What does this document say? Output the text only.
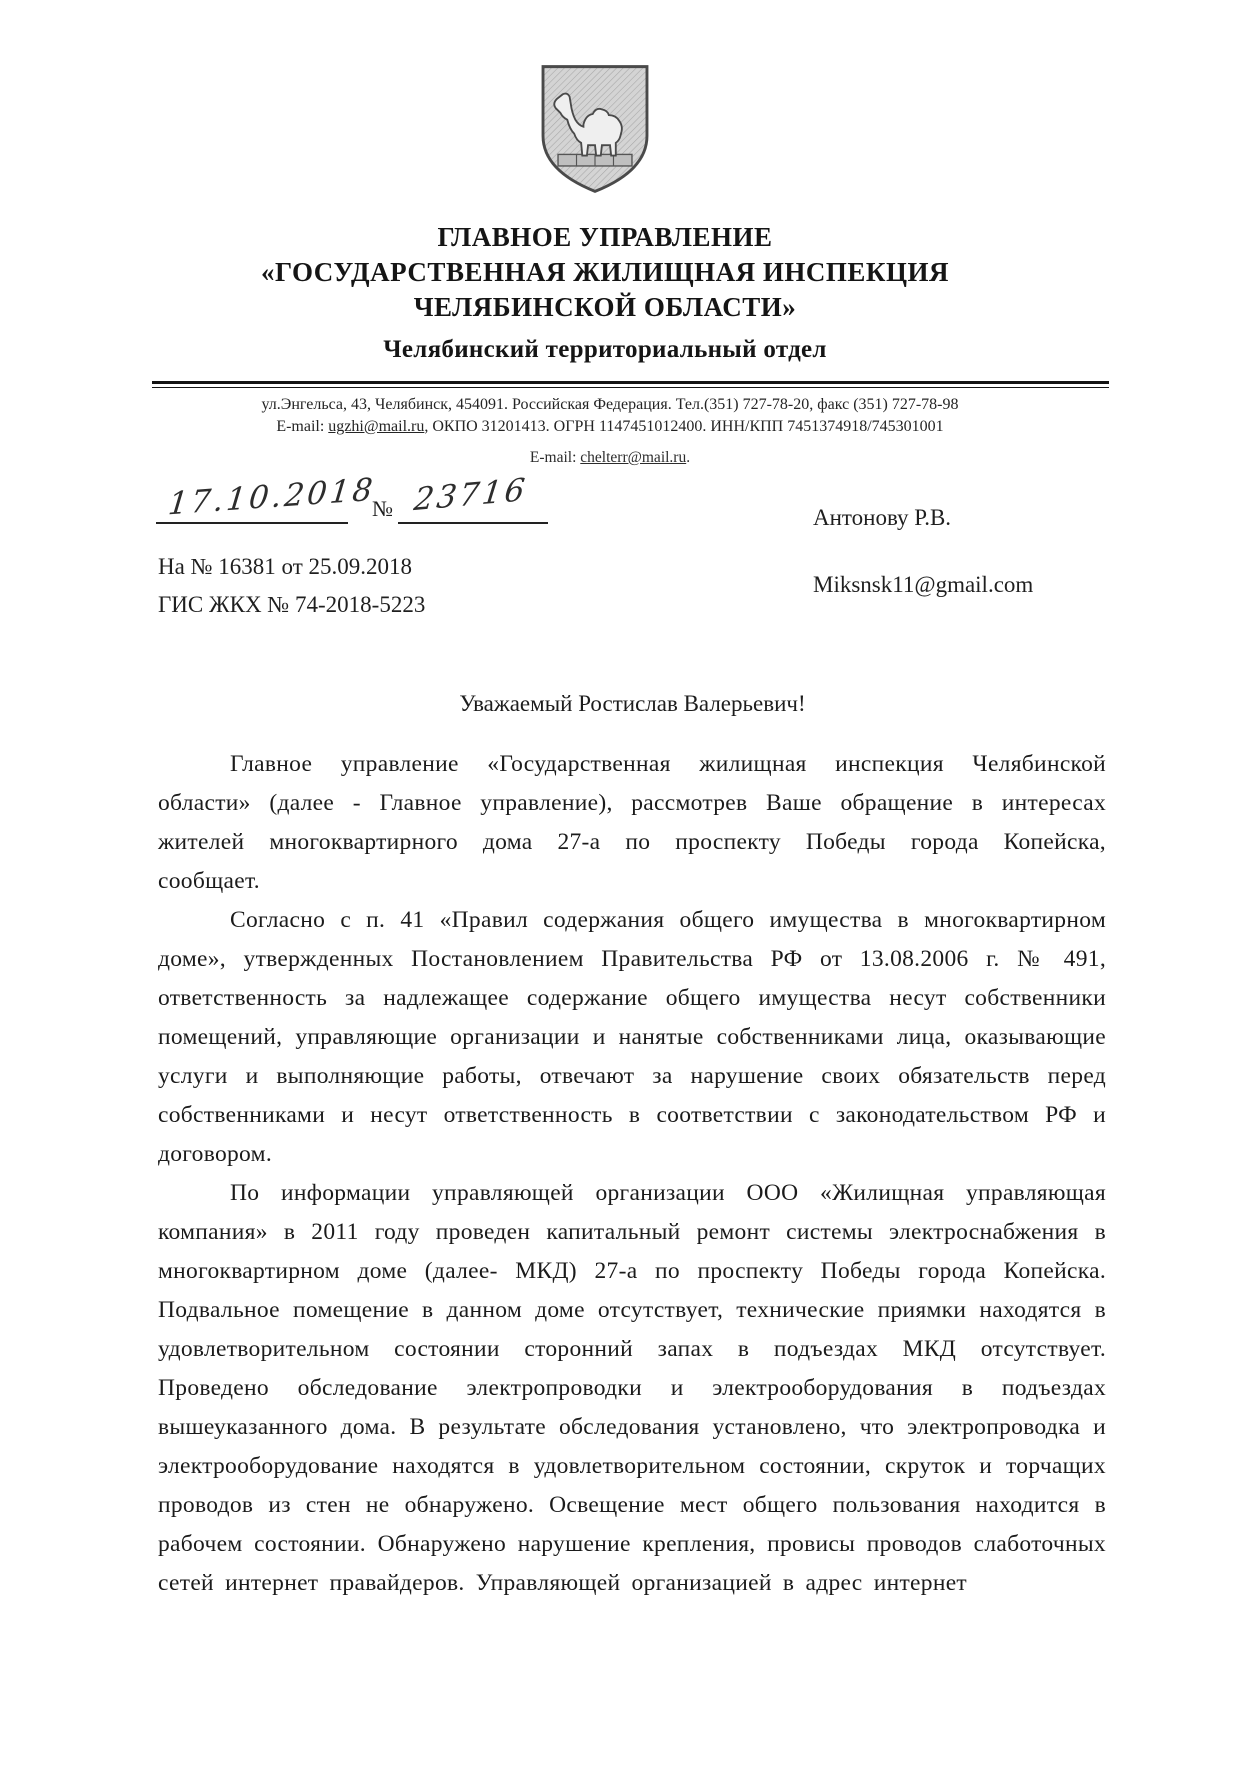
ГЛАВНОЕ УПРАВЛЕНИЕ
«ГОСУДАРСТВЕННАЯ ЖИЛИЩНАЯ ИНСПЕКЦИЯ
ЧЕЛЯБИНСКОЙ ОБЛАСТИ»
Челябинский территориальный отдел
ул.Энгельса, 43, Челябинск, 454091. Российская Федерация. Тел.(351) 727-78-20, факс (351) 727-78-98
E-mail: ugzhi@mail.ru, ОКПО 31201413. ОГРН 1147451012400. ИНН/КПП 7451374918/745301001
E-mail: chelterr@mail.ru.
17.10.2018
№ 23716	Антонову Р.В.
На № 16381 от 25.09.2018
ГИС ЖКХ № 74-2018-5223
Miksnsk11@gmail.com
Уважаемый Ростислав Валерьевич!

Главное управление «Государственная жилищная инспекция Челябинской области» (далее - Главное управление), рассмотрев Ваше обращение в интересах жителей многоквартирного дома 27-а по проспекту Победы города Копейска, сообщает.

Согласно с п. 41 «Правил содержания общего имущества в многоквартирном доме», утвержденных Постановлением Правительства РФ от 13.08.2006 г. № 491, ответственность за надлежащее содержание общего имущества несут собственники помещений, управляющие организации и нанятые собственниками лица, оказывающие услуги и выполняющие работы, отвечают за нарушение своих обязательств перед собственниками и несут ответственность в соответствии с законодательством РФ и договором.

По информации управляющей организации ООО «Жилищная управляющая компания» в 2011 году проведен капитальный ремонт системы электроснабжения в многоквартирном доме (далее- МКД) 27-а по проспекту Победы города Копейска. Подвальное помещение в данном доме отсутствует, технические приямки находятся в удовлетворительном состоянии сторонний запах в подъездах МКД отсутствует. Проведено обследование электропроводки и электрооборудования в подъездах вышеуказанного дома. В результате обследования установлено, что электропроводка и электрооборудование находятся в удовлетворительном состоянии, скруток и торчащих проводов из стен не обнаружено. Освещение мест общего пользования находится в рабочем состоянии. Обнаружено нарушение крепления, провисы проводов слаботочных сетей интернет правайдеров. Управляющей организацией в адрес интернет
